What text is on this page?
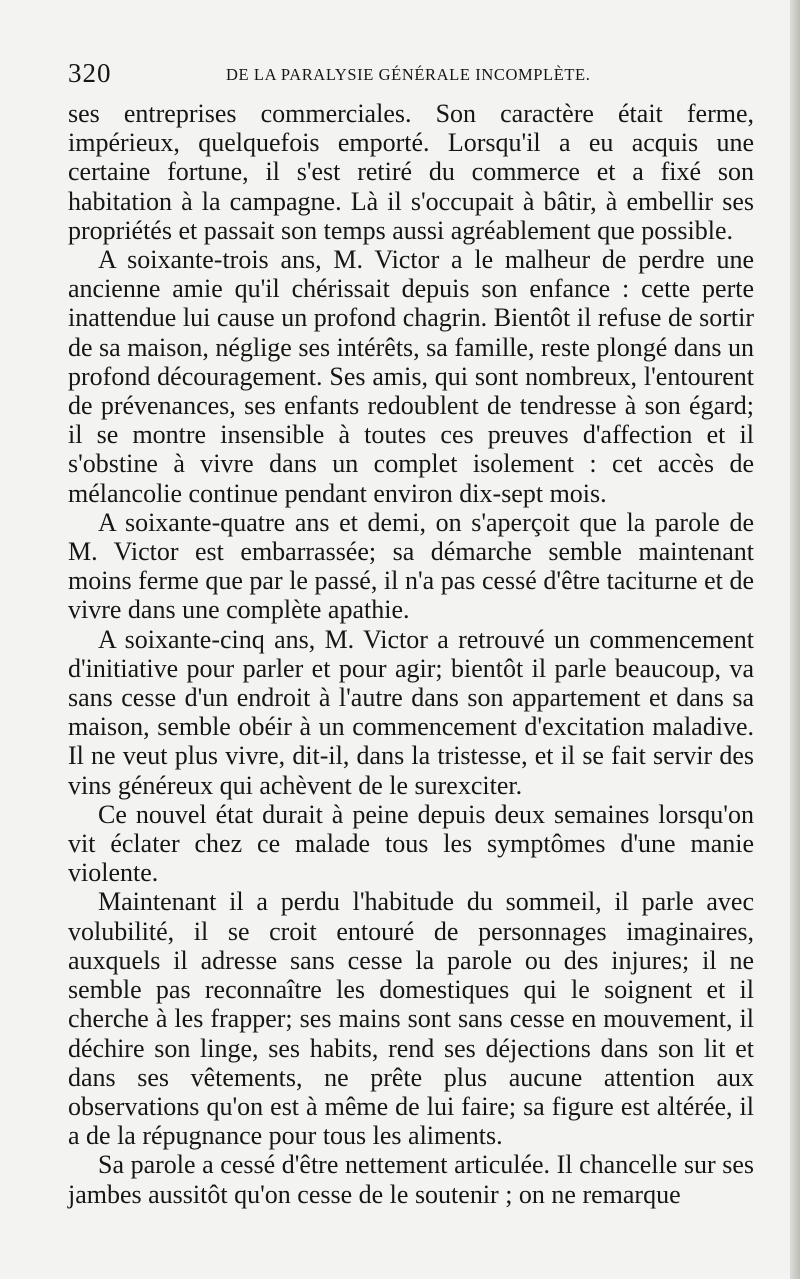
320	DE LA PARALYSIE GÉNÉRALE INCOMPLÈTE.

ses entreprises commerciales. Son caractère était ferme, impérieux, quelquefois emporté. Lorsqu'il a eu acquis une certaine fortune, il s'est retiré du commerce et a fixé son habitation à la campagne. Là il s'occupait à bâtir, à embellir ses propriétés et passait son temps aussi agréablement que possible.

A soixante-trois ans, M. Victor a le malheur de perdre une ancienne amie qu'il chérissait depuis son enfance : cette perte inattendue lui cause un profond chagrin. Bientôt il refuse de sortir de sa maison, néglige ses intérêts, sa famille, reste plongé dans un profond découragement. Ses amis, qui sont nombreux, l'entourent de prévenances, ses enfants redoublent de tendresse à son égard; il se montre insensible à toutes ces preuves d'affection et il s'obstine à vivre dans un complet isolement : cet accès de mélancolie continue pendant environ dix-sept mois.

A soixante-quatre ans et demi, on s'aperçoit que la parole de M. Victor est embarrassée; sa démarche semble maintenant moins ferme que par le passé, il n'a pas cessé d'être taciturne et de vivre dans une complète apathie.

A soixante-cinq ans, M. Victor a retrouvé un commencement d'initiative pour parler et pour agir; bientôt il parle beaucoup, va sans cesse d'un endroit à l'autre dans son appartement et dans sa maison, semble obéir à un commencement d'excitation maladive. Il ne veut plus vivre, dit-il, dans la tristesse, et il se fait servir des vins généreux qui achèvent de le surexciter.

Ce nouvel état durait à peine depuis deux semaines lorsqu'on vit éclater chez ce malade tous les symptômes d'une manie violente.

Maintenant il a perdu l'habitude du sommeil, il parle avec volubilité, il se croit entouré de personnages imaginaires, auxquels il adresse sans cesse la parole ou des injures; il ne semble pas reconnaître les domestiques qui le soignent et il cherche à les frapper; ses mains sont sans cesse en mouvement, il déchire son linge, ses habits, rend ses déjections dans son lit et dans ses vêtements, ne prête plus aucune attention aux observations qu'on est à même de lui faire; sa figure est altérée, il a de la répugnance pour tous les aliments.

Sa parole a cessé d'être nettement articulée. Il chancelle sur ses jambes aussitôt qu'on cesse de le soutenir ; on ne remarque
